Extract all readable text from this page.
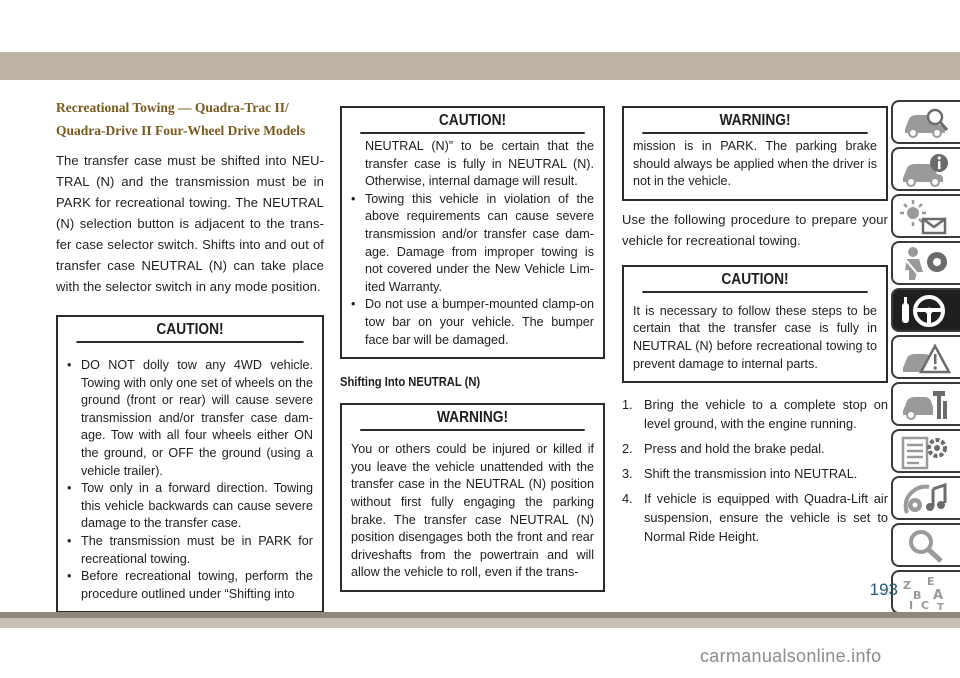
Recreational Towing — Quadra-Trac II/
Quadra-Drive II Four-Wheel Drive Models
The transfer case must be shifted into NEU-TRAL (N) and the transmission must be in PARK for recreational towing. The NEUTRAL (N) selection button is adjacent to the trans-fer case selector switch. Shifts into and out of transfer case NEUTRAL (N) can take place with the selector switch in any mode position.
CAUTION!
• DO NOT dolly tow any 4WD vehicle. Towing with only one set of wheels on the ground (front or rear) will cause severe transmission and/or transfer case dam-age. Tow with all four wheels either ON the ground, or OFF the ground (using a vehicle trailer).
• Tow only in a forward direction. Towing this vehicle backwards can cause severe damage to the transfer case.
• The transmission must be in PARK for recreational towing.
• Before recreational towing, perform the procedure outlined under “Shifting into
CAUTION!
NEUTRAL (N)” to be certain that the transfer case is fully in NEUTRAL (N). Otherwise, internal damage will result.
• Towing this vehicle in violation of the above requirements can cause severe transmission and/or transfer case dam-age. Damage from improper towing is not covered under the New Vehicle Lim-ited Warranty.
• Do not use a bumper-mounted clamp-on tow bar on your vehicle. The bumper face bar will be damaged.
Shifting Into NEUTRAL (N)
WARNING!
You or others could be injured or killed if you leave the vehicle unattended with the transfer case in the NEUTRAL (N) position without first fully engaging the parking brake. The transfer case NEUTRAL (N) position disengages both the front and rear driveshafts from the powertrain and will allow the vehicle to roll, even if the trans-
WARNING!
mission is in PARK. The parking brake should always be applied when the driver is not in the vehicle.
Use the following procedure to prepare your vehicle for recreational towing.
CAUTION!
It is necessary to follow these steps to be certain that the transfer case is fully in NEUTRAL (N) before recreational towing to prevent damage to internal parts.
1. Bring the vehicle to a complete stop on level ground, with the engine running.
2. Press and hold the brake pedal.
3. Shift the transmission into NEUTRAL.
4. If vehicle is equipped with Quadra-Lift air suspension, ensure the vehicle is set to Normal Ride Height.
Z
B
E
A
C
I T
193
carmanualsonline.info
